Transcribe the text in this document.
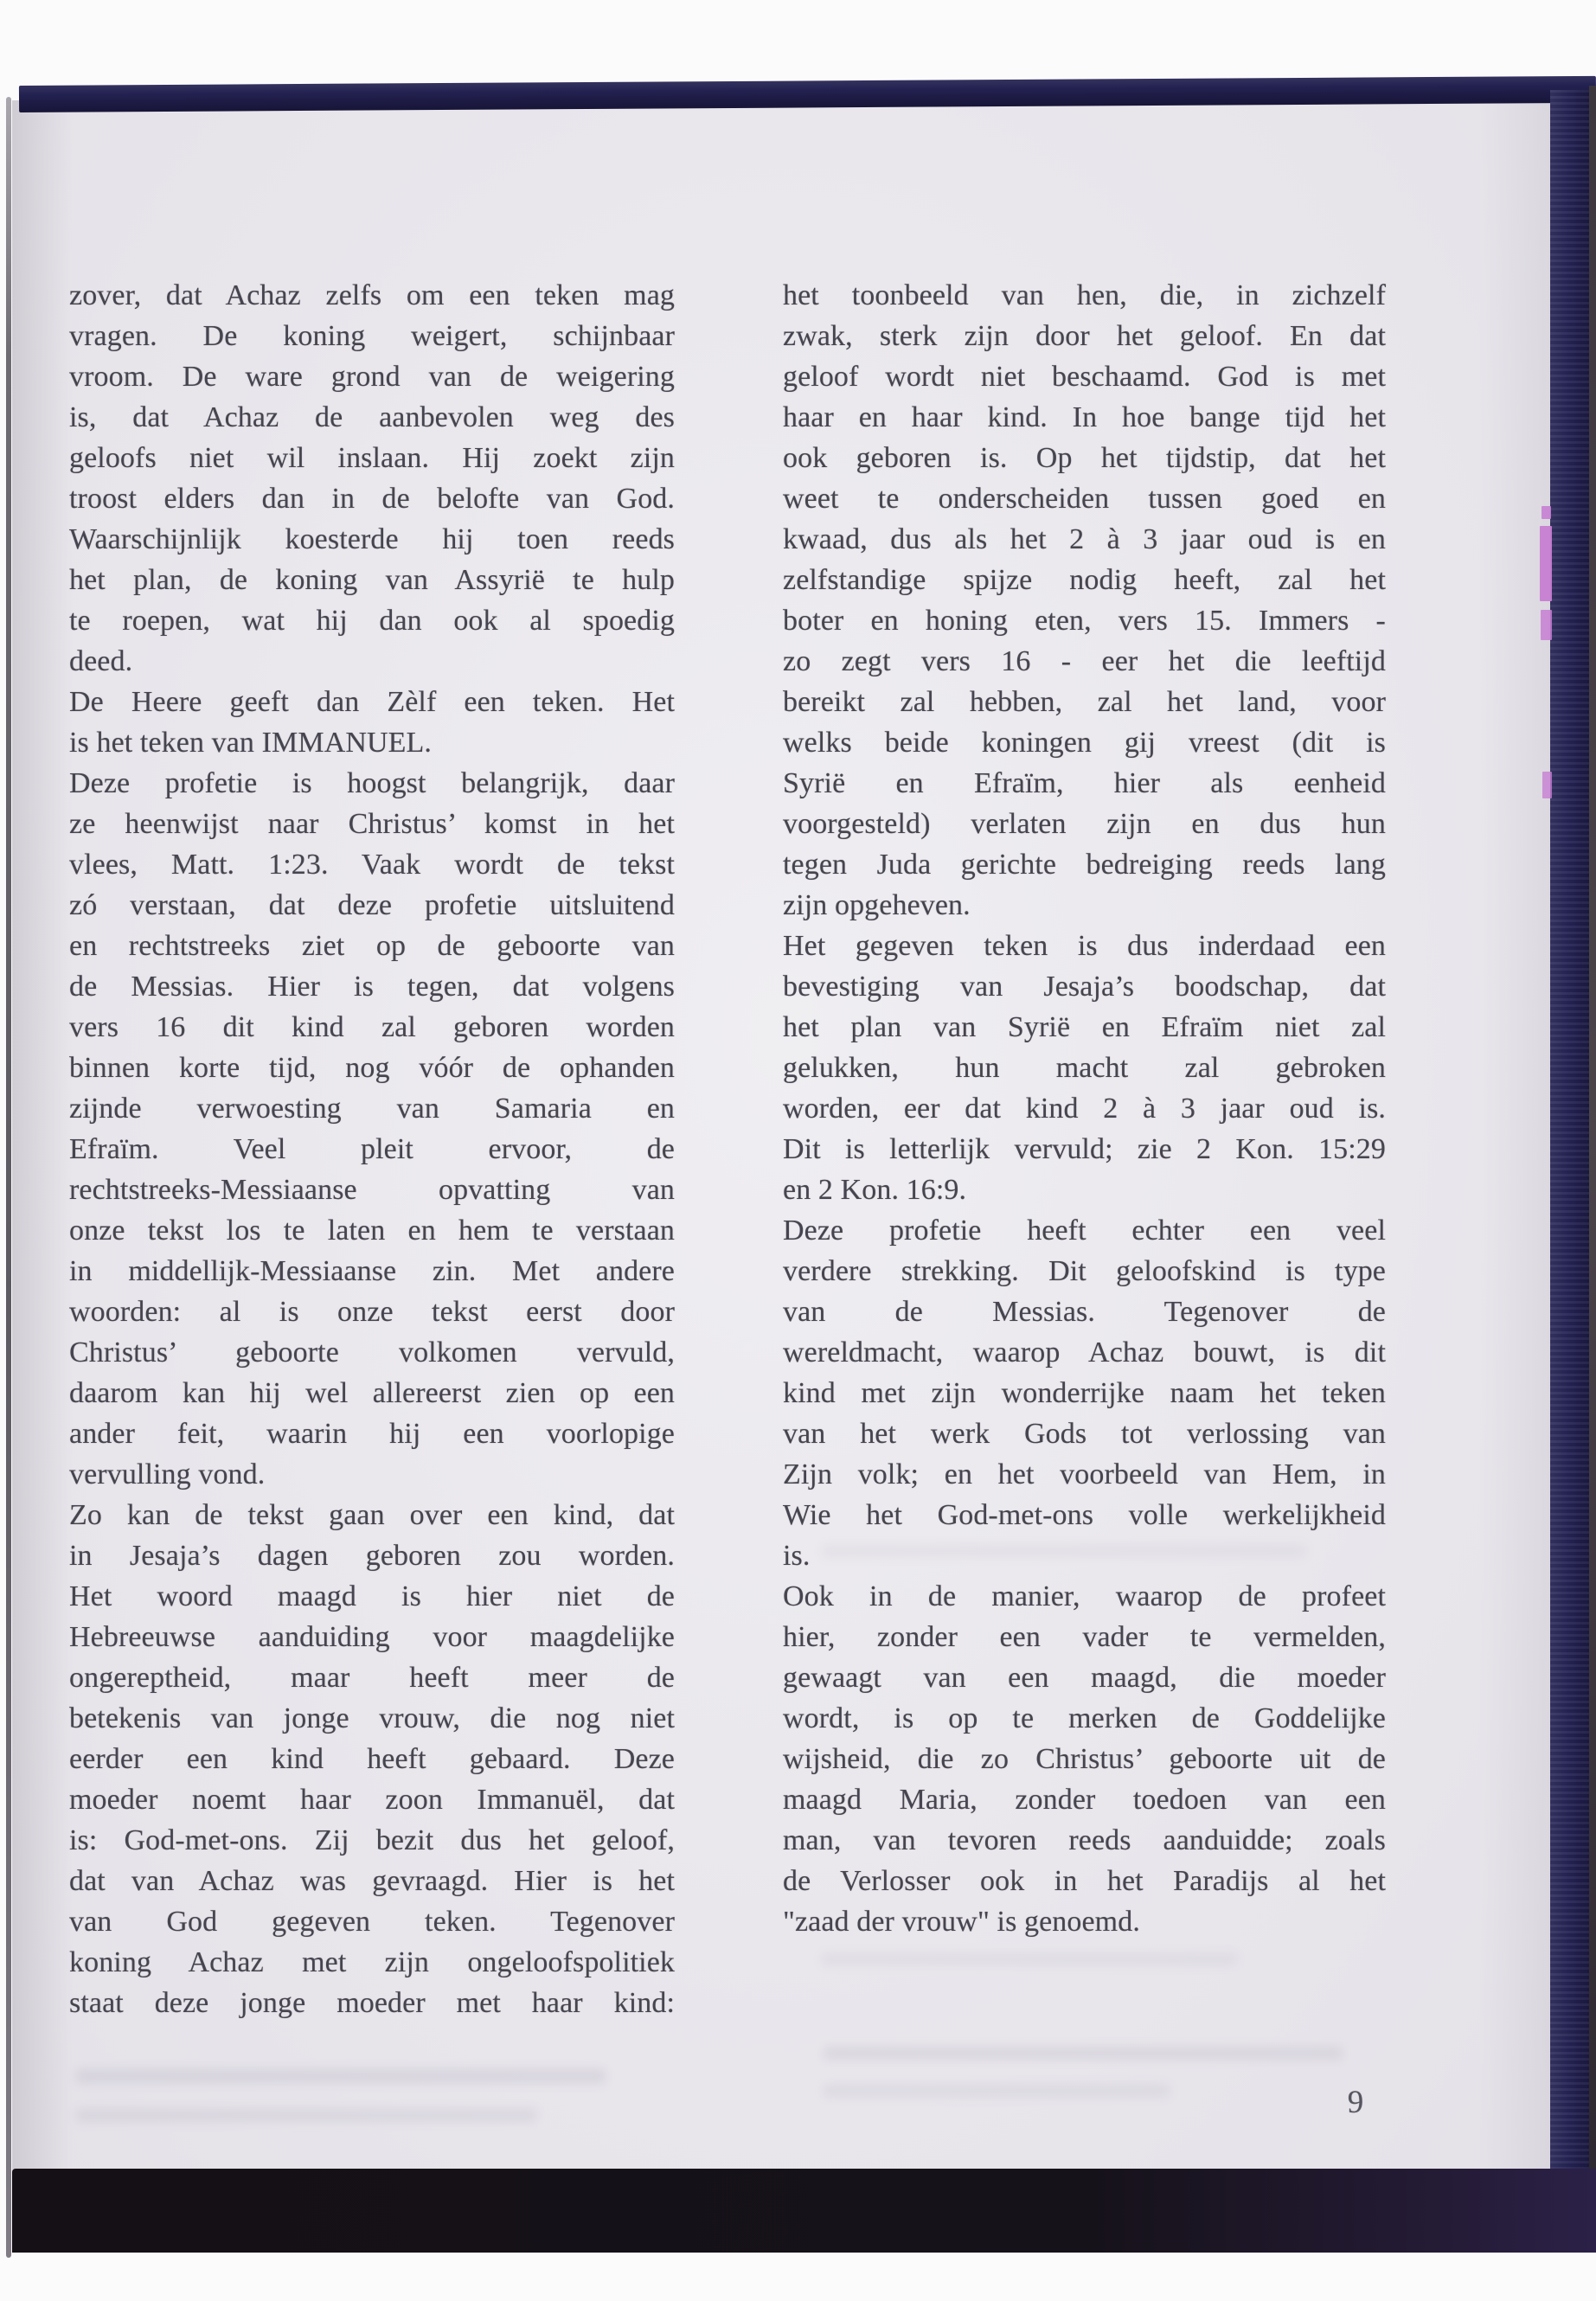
zover, dat Achaz zelfs om een teken mag
vragen. De koning weigert, schijnbaar
vroom. De ware grond van de weigering
is, dat Achaz de aanbevolen weg des
geloofs niet wil inslaan. Hij zoekt zijn
troost elders dan in de belofte van God.
Waarschijnlijk koesterde hij toen reeds
het plan, de koning van Assyrië te hulp
te roepen, wat hij dan ook al spoedig
deed.
De Heere geeft dan Zèlf een teken. Het
is het teken van IMMANUEL.
Deze profetie is hoogst belangrijk, daar
ze heenwijst naar Christus’ komst in het
vlees, Matt. 1:23. Vaak wordt de tekst
zó verstaan, dat deze profetie uitsluitend
en rechtstreeks ziet op de geboorte van
de Messias. Hier is tegen, dat volgens
vers 16 dit kind zal geboren worden
binnen korte tijd, nog vóór de ophanden
zijnde verwoesting van Samaria en
Efraïm. Veel pleit ervoor, de
rechtstreeks-Messiaanse opvatting van
onze tekst los te laten en hem te verstaan
in middellijk-Messiaanse zin. Met andere
woorden: al is onze tekst eerst door
Christus’ geboorte volkomen vervuld,
daarom kan hij wel allereerst zien op een
ander feit, waarin hij een voorlopige
vervulling vond.
Zo kan de tekst gaan over een kind, dat
in Jesaja’s dagen geboren zou worden.
Het woord maagd is hier niet de
Hebreeuwse aanduiding voor maagdelijke
ongereptheid, maar heeft meer de
betekenis van jonge vrouw, die nog niet
eerder een kind heeft gebaard. Deze
moeder noemt haar zoon Immanuël, dat
is: God-met-ons. Zij bezit dus het geloof,
dat van Achaz was gevraagd. Hier is het
van God gegeven teken. Tegenover
koning Achaz met zijn ongeloofspolitiek
staat deze jonge moeder met haar kind:
het toonbeeld van hen, die, in zichzelf
zwak, sterk zijn door het geloof. En dat
geloof wordt niet beschaamd. God is met
haar en haar kind. In hoe bange tijd het
ook geboren is. Op het tijdstip, dat het
weet te onderscheiden tussen goed en
kwaad, dus als het 2 à 3 jaar oud is en
zelfstandige spijze nodig heeft, zal het
boter en honing eten, vers 15. Immers -
zo zegt vers 16 - eer het die leeftijd
bereikt zal hebben, zal het land, voor
welks beide koningen gij vreest (dit is
Syrië en Efraïm, hier als eenheid
voorgesteld) verlaten zijn en dus hun
tegen Juda gerichte bedreiging reeds lang
zijn opgeheven.
Het gegeven teken is dus inderdaad een
bevestiging van Jesaja’s boodschap, dat
het plan van Syrië en Efraïm niet zal
gelukken, hun macht zal gebroken
worden, eer dat kind 2 à 3 jaar oud is.
Dit is letterlijk vervuld; zie 2 Kon. 15:29
en 2 Kon. 16:9.
Deze profetie heeft echter een veel
verdere strekking. Dit geloofskind is type
van de Messias. Tegenover de
wereldmacht, waarop Achaz bouwt, is dit
kind met zijn wonderrijke naam het teken
van het werk Gods tot verlossing van
Zijn volk; en het voorbeeld van Hem, in
Wie het God-met-ons volle werkelijkheid
is.
Ook in de manier, waarop de profeet
hier, zonder een vader te vermelden,
gewaagt van een maagd, die moeder
wordt, is op te merken de Goddelijke
wijsheid, die zo Christus’ geboorte uit de
maagd Maria, zonder toedoen van een
man, van tevoren reeds aanduidde; zoals
de Verlosser ook in het Paradijs al het
"zaad der vrouw" is genoemd.
9
